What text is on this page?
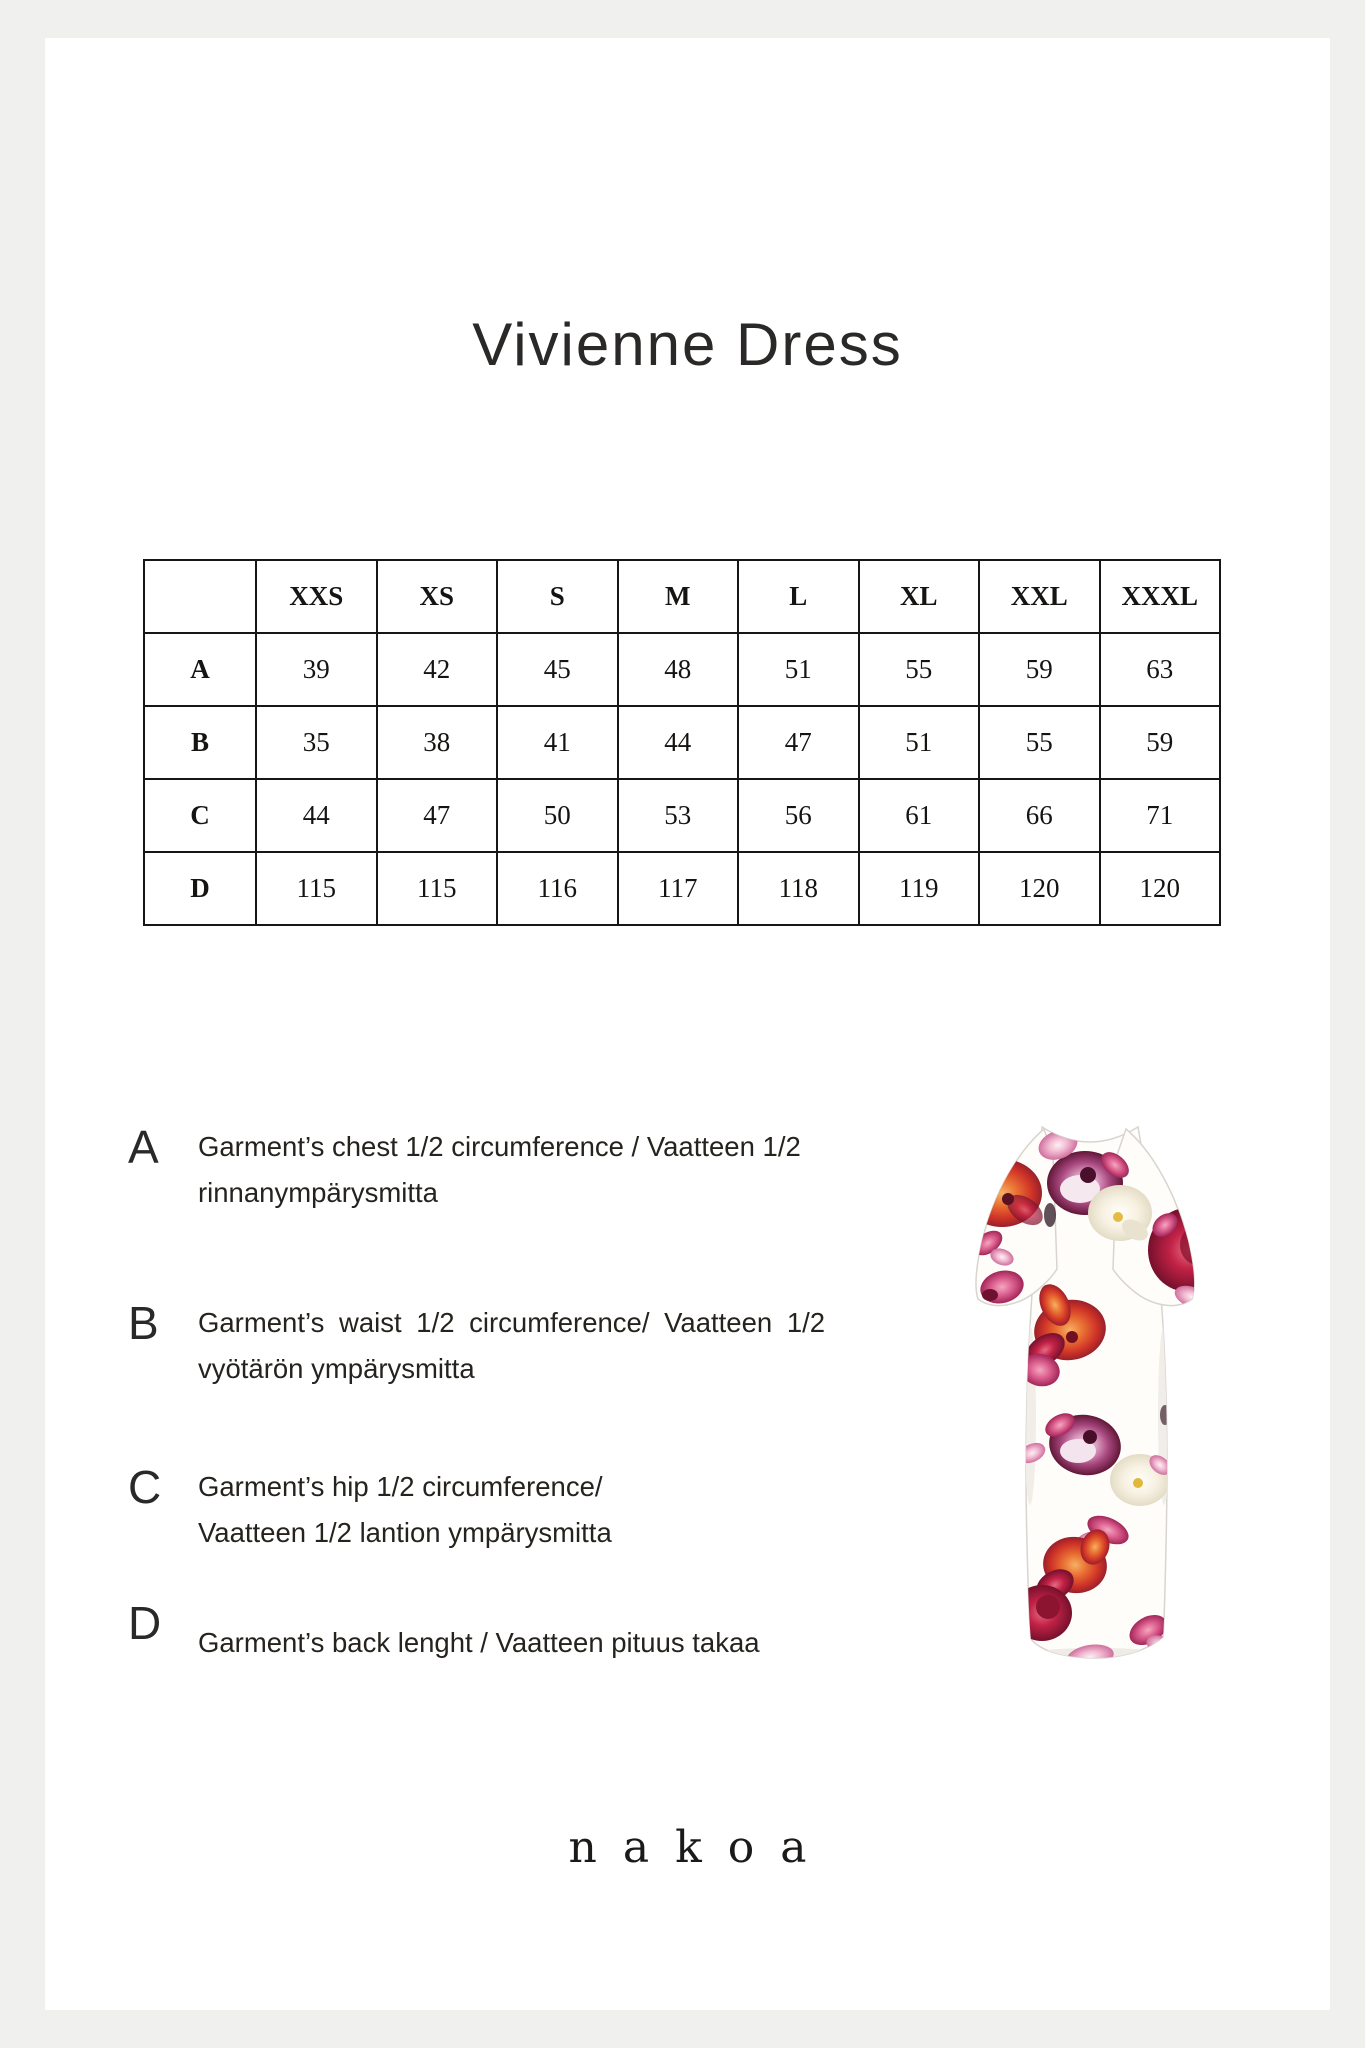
Vivienne Dress
	XXS	XS	S	M	L	XL	XXL	XXXL
A	39	42	45	48	51	55	59	63
B	35	38	41	44	47	51	55	59
C	44	47	50	53	56	61	66	71
D	115	115	116	117	118	119	120	120
A	Garment’s chest 1/2 circumference / Vaatteen 1/2
rinnanympärysmitta
B	Garment’s waist 1/2 circumference/ Vaatteen 1/2
vyötärön ympärysmitta
C	Garment’s hip 1/2 circumference/
Vaatteen 1/2 lantion ympärysmitta
D	Garment’s back lenght / Vaatteen pituus takaa
nakoa
